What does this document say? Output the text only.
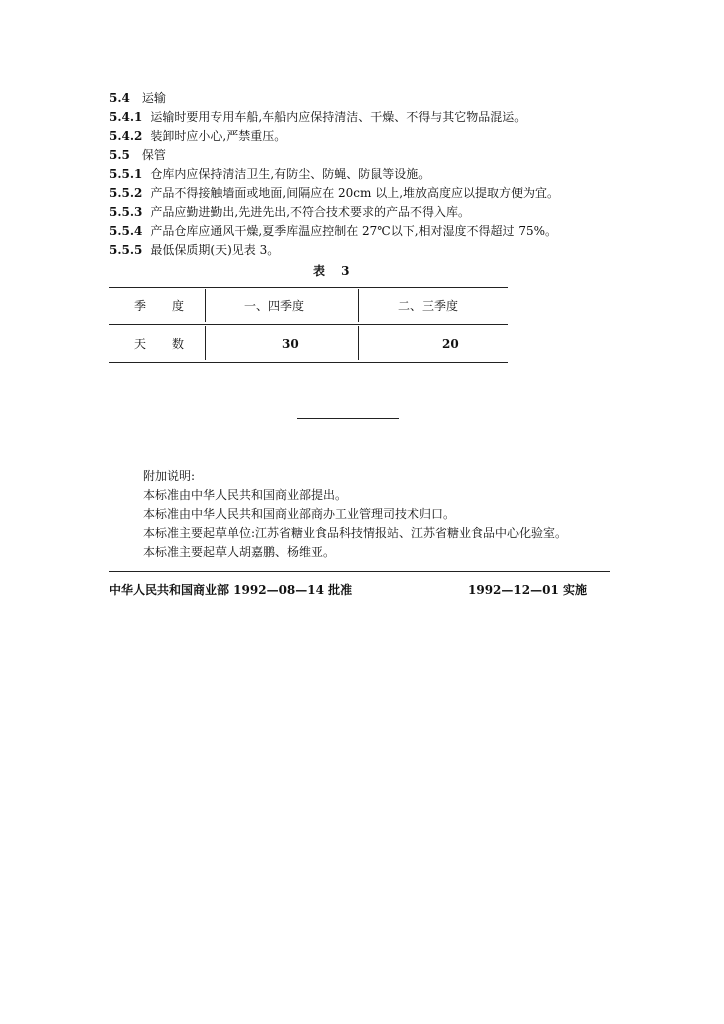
5.4 运输
5.4.1 运输时要用专用车船,车船内应保持清洁、干燥、不得与其它物品混运。
5.4.2 装卸时应小心,严禁重压。
5.5 保管
5.5.1 仓库内应保持清洁卫生,有防尘、防蝇、防鼠等设施。
5.5.2 产品不得接触墙面或地面,间隔应在 20cm 以上,堆放高度应以提取方便为宜。
5.5.3 产品应勤进勤出,先进先出,不符合技术要求的产品不得入库。
5.5.4 产品仓库应通风干燥,夏季库温应控制在 27℃以下,相对湿度不得超过 75%。
5.5.5 最低保质期(天)见表 3。
表 3
季度	一、四季度	二、三季度
天数	30	20
附加说明:
本标准由中华人民共和国商业部提出。
本标准由中华人民共和国商业部商办工业管理司技术归口。
本标准主要起草单位:江苏省糖业食品科技情报站、江苏省糖业食品中心化验室。
本标准主要起草人胡嘉鹏、杨维亚。
中华人民共和国商业部 1992—08—14 批准	1992—12—01 实施
